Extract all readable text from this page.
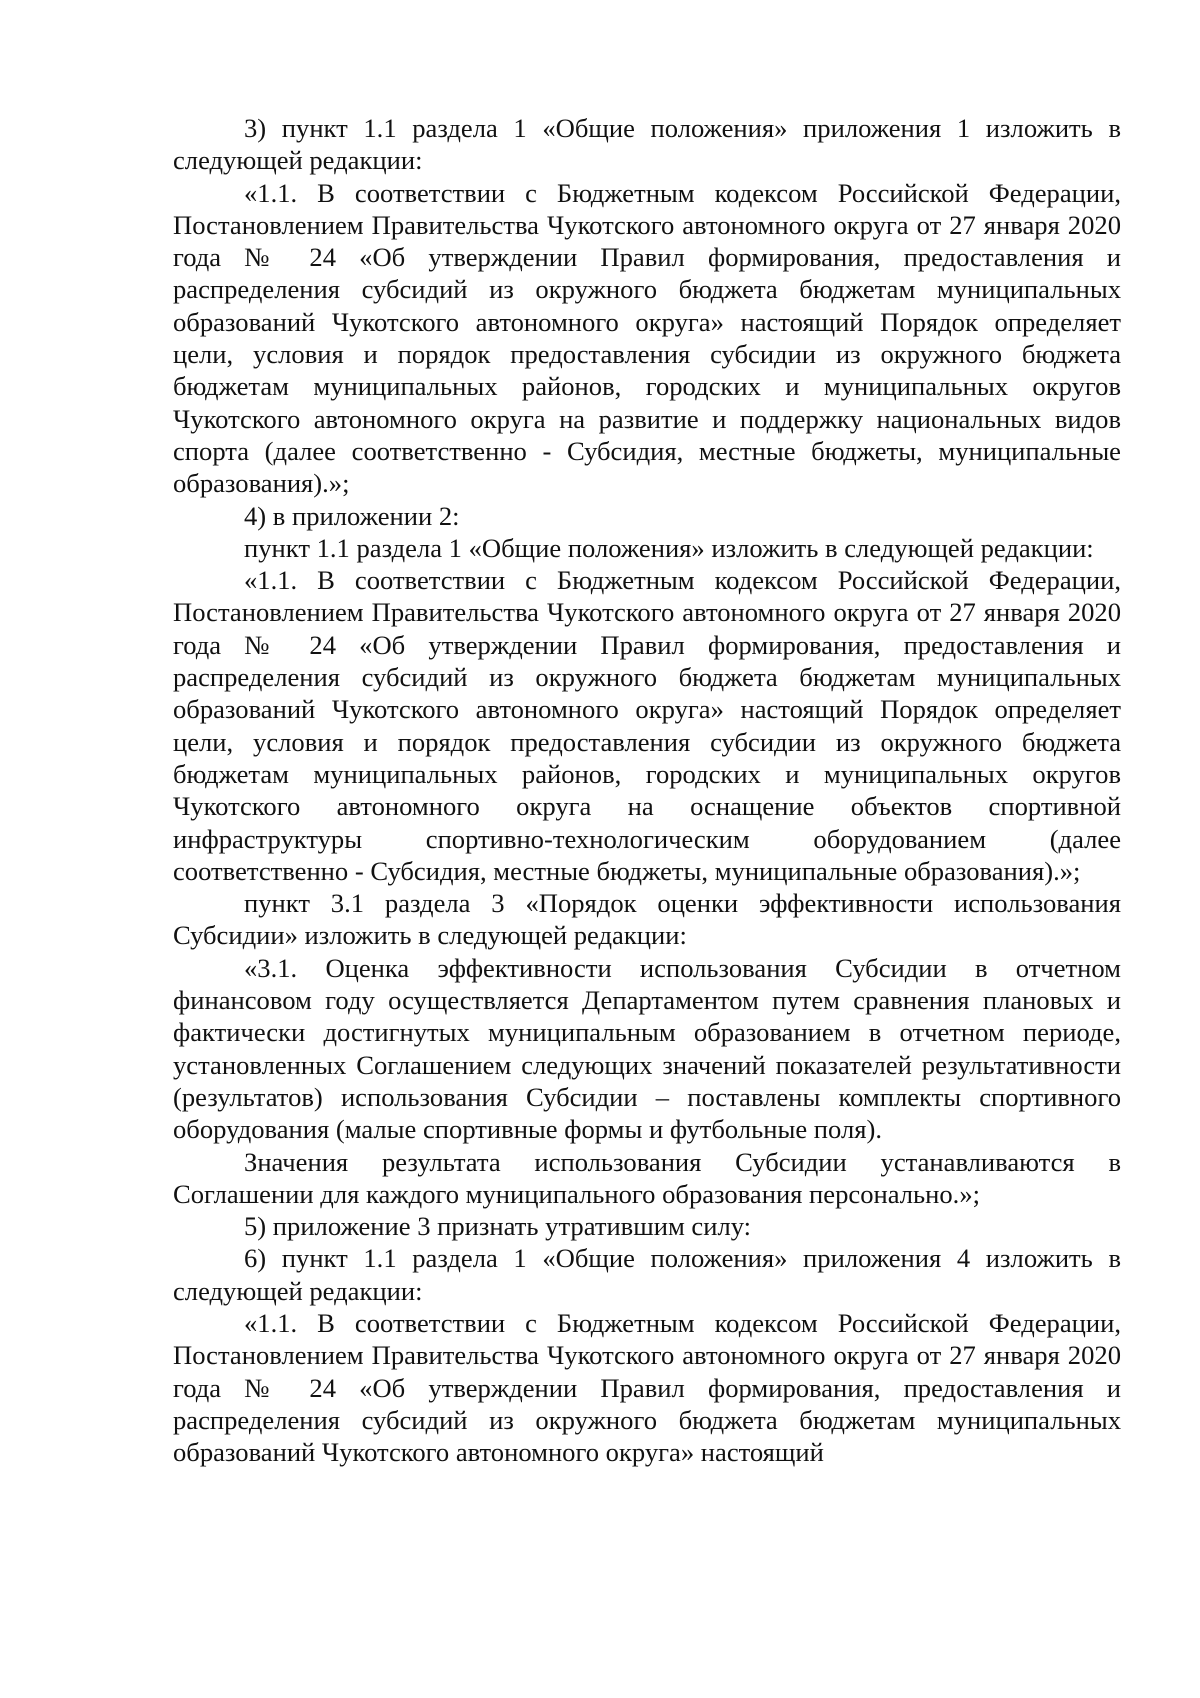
3) пункт 1.1 раздела 1 «Общие положения» приложения 1 изложить в следующей редакции:

«1.1. В соответствии с Бюджетным кодексом Российской Федерации, Постановлением Правительства Чукотского автономного округа от 27 января 2020 года № 24 «Об утверждении Правил формирования, предоставления и распределения субсидий из окружного бюджета бюджетам муниципальных образований Чукотского автономного округа» настоящий Порядок определяет цели, условия и порядок предоставления субсидии из окружного бюджета бюджетам муниципальных районов, городских и муниципальных округов Чукотского автономного округа на развитие и поддержку национальных видов спорта (далее соответственно - Субсидия, местные бюджеты, муниципальные образования).»;

4) в приложении 2:

пункт 1.1 раздела 1 «Общие положения» изложить в следующей редакции:

«1.1. В соответствии с Бюджетным кодексом Российской Федерации, Постановлением Правительства Чукотского автономного округа от 27 января 2020 года № 24 «Об утверждении Правил формирования, предоставления и распределения субсидий из окружного бюджета бюджетам муниципальных образований Чукотского автономного округа» настоящий Порядок определяет цели, условия и порядок предоставления субсидии из окружного бюджета бюджетам муниципальных районов, городских и муниципальных округов Чукотского автономного округа на оснащение объектов спортивной инфраструктуры спортивно-технологическим оборудованием (далее соответственно - Субсидия, местные бюджеты, муниципальные образования).»;

пункт 3.1 раздела 3 «Порядок оценки эффективности использования Субсидии» изложить в следующей редакции:

«3.1. Оценка эффективности использования Субсидии в отчетном финансовом году осуществляется Департаментом путем сравнения плановых и фактически достигнутых муниципальным образованием в отчетном периоде, установленных Соглашением следующих значений показателей результативности (результатов) использования Субсидии – поставлены комплекты спортивного оборудования (малые спортивные формы и футбольные поля).

Значения результата использования Субсидии устанавливаются в Соглашении для каждого муниципального образования персонально.»;

5) приложение 3 признать утратившим силу:

6) пункт 1.1 раздела 1 «Общие положения» приложения 4 изложить в следующей редакции:

«1.1. В соответствии с Бюджетным кодексом Российской Федерации, Постановлением Правительства Чукотского автономного округа от 27 января 2020 года № 24 «Об утверждении Правил формирования, предоставления и распределения субсидий из окружного бюджета бюджетам муниципальных образований Чукотского автономного округа» настоящий
